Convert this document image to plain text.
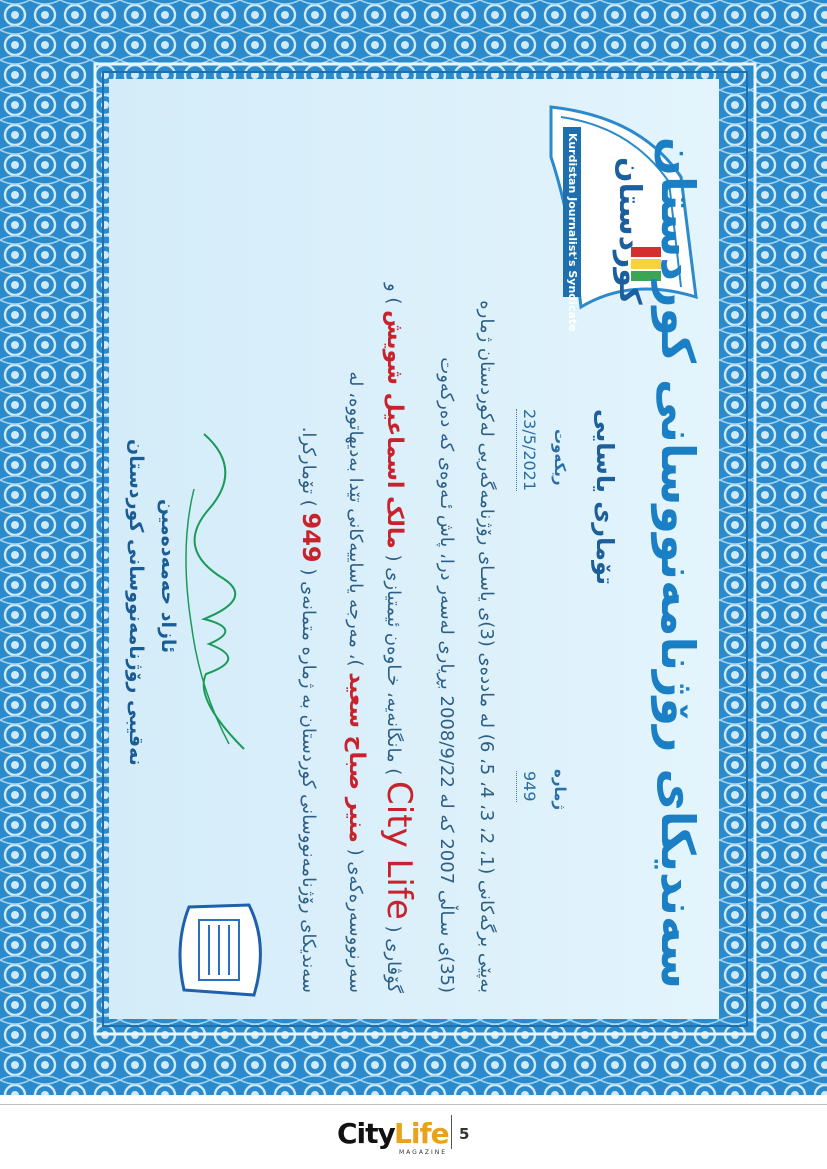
کوردستان
Kurdistan Journalist's Syndicate سەندیکای رۆژنامەنووسانی کوردستان
تۆماری یاسایی
ریکەوت
23/5/2021
ژمارە
949
بەپێی برگەکانی (1، 2، 3، 4، 5، 6) لە ماددەی (3)ی یاسـای رۆژنامەگەریی لەکوردستان ژمارە
(35)ی سـاڵی 2007 کە لە 2008/9/22 بڕیاری لەسەر درا، پاش ئـەوەی کە دەرکەوت
گۆڤاری ( City Life ) مانگانەیە، خـاوەن ئیمتیازی ( مالک اسماعیل شویش ) و
سەرنووسەرەکەی ( منیر صباح سعید )، مەرجە یاساییەکانی تێدا بەدیهاتووە، لە
سەندیکای رۆژنامەنووسانی کوردستان بە ژمارە متمانەی ( 949 ) تۆمارکرا.
ئازاد حەمەدەمین
نەقیبی رۆژنامەنووسانی کوردستان
City Life
MAGAZINE
5
